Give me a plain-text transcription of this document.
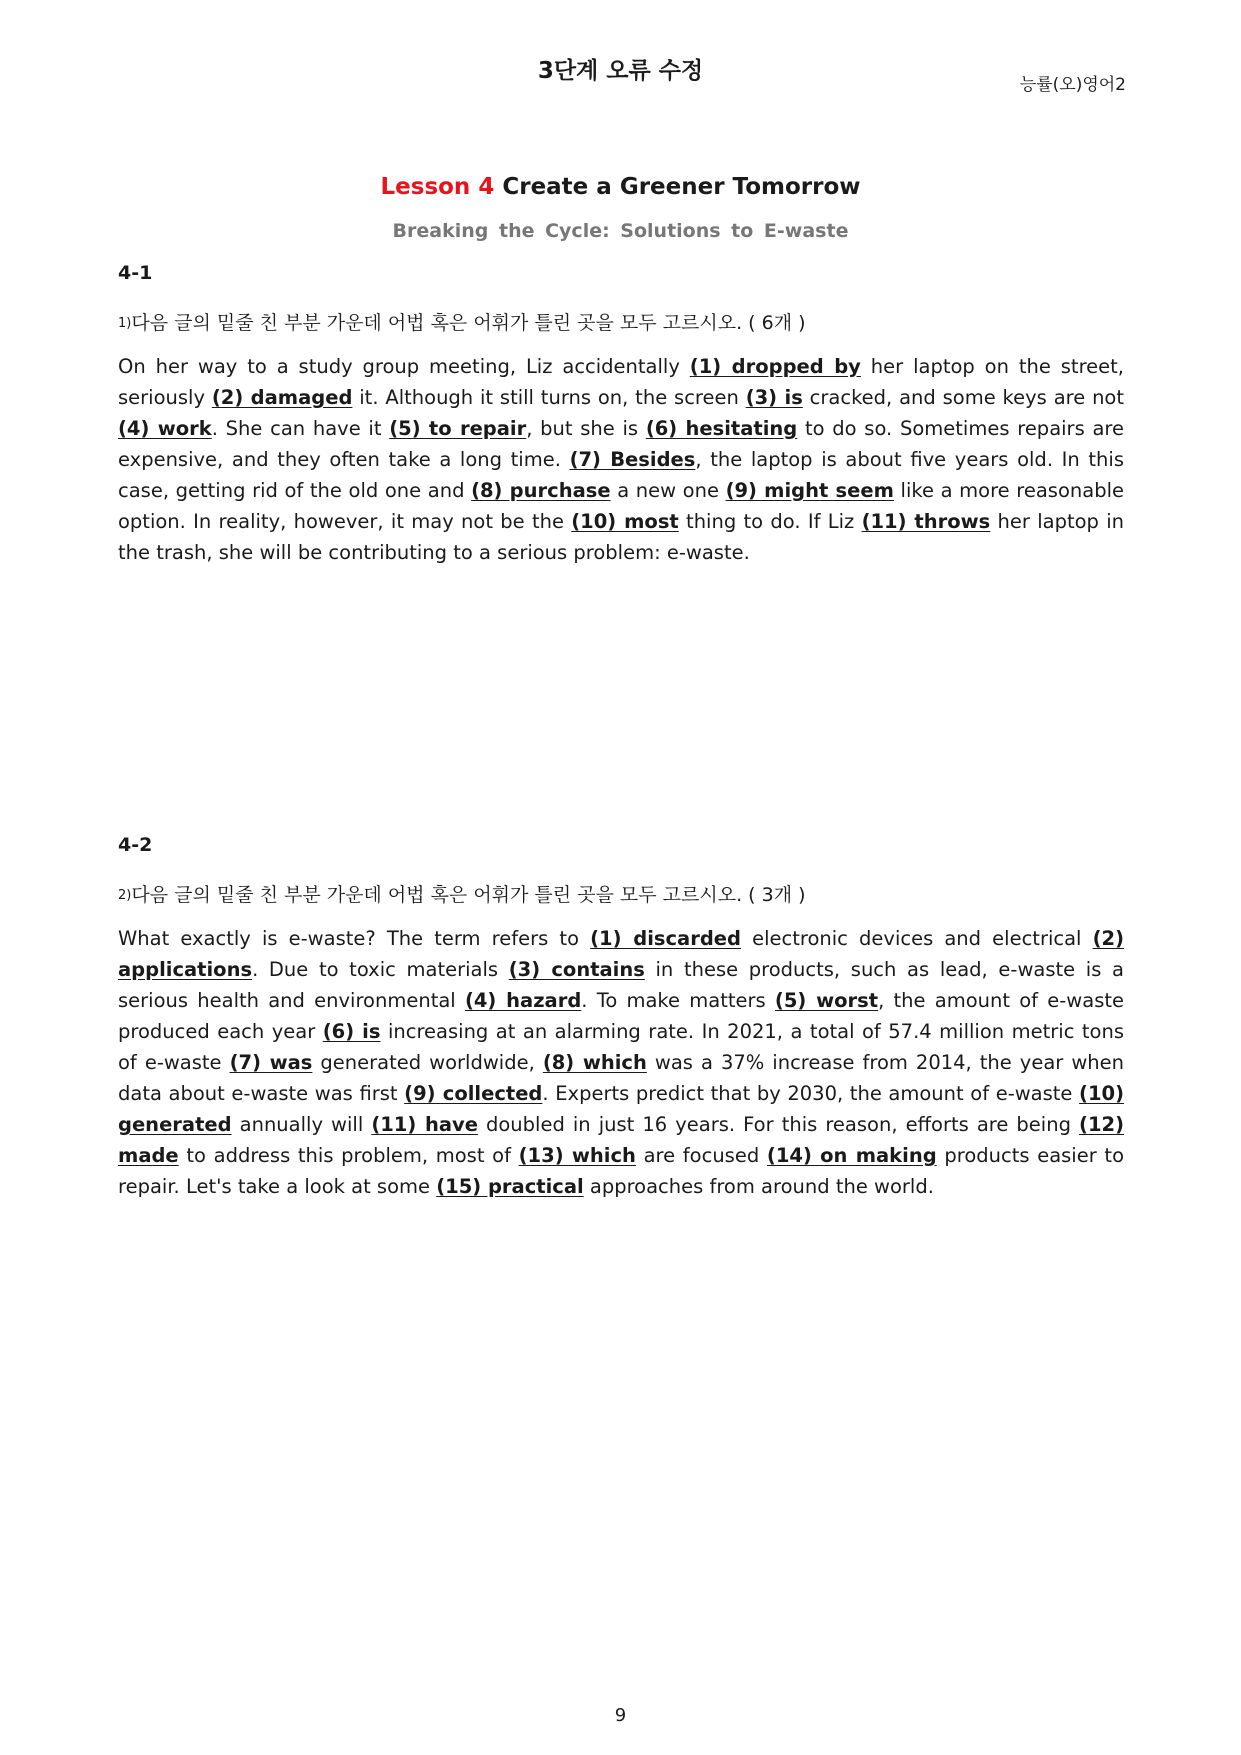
3단계 오류 수정
능률(오)영어2
Lesson 4 Create a Greener Tomorrow
Breaking the Cycle: Solutions to E-waste
4-1
1)다음 글의 밑줄 친 부분 가운데 어법 혹은 어휘가 틀린 곳을 모두 고르시오. ( 6개 )

On her way to a study group meeting, Liz accidentally (1) dropped by her laptop on the street, seriously (2) damaged it. Although it still turns on, the screen (3) is cracked, and some keys are not (4) work. She can have it (5) to repair, but she is (6) hesitating to do so. Sometimes repairs are expensive, and they often take a long time. (7) Besides, the laptop is about five years old. In this case, getting rid of the old one and (8) purchase a new one (9) might seem like a more reasonable option. In reality, however, it may not be the (10) most thing to do. If Liz (11) throws her laptop in the trash, she will be contributing to a serious problem: e-waste.

4-2
2)다음 글의 밑줄 친 부분 가운데 어법 혹은 어휘가 틀린 곳을 모두 고르시오. ( 3개 )

What exactly is e-waste? The term refers to (1) discarded electronic devices and electrical (2) applications. Due to toxic materials (3) contains in these products, such as lead, e-waste is a serious health and environmental (4) hazard. To make matters (5) worst, the amount of e-waste produced each year (6) is increasing at an alarming rate. In 2021, a total of 57.4 million metric tons of e-waste (7) was generated worldwide, (8) which was a 37% increase from 2014, the year when data about e-waste was first (9) collected. Experts predict that by 2030, the amount of e-waste (10) generated annually will (11) have doubled in just 16 years. For this reason, efforts are being (12) made to address this problem, most of (13) which are focused (14) on making products easier to repair. Let's take a look at some (15) practical approaches from around the world.

9
